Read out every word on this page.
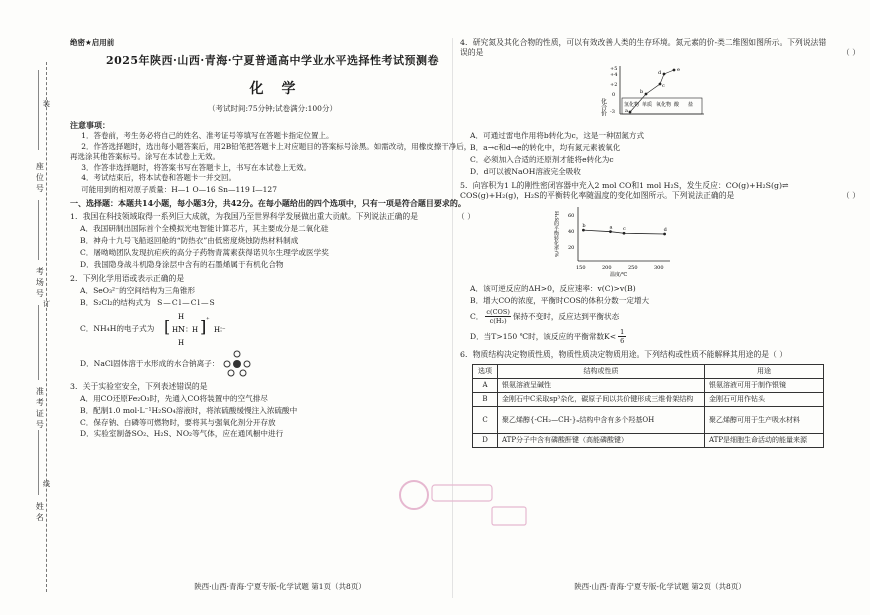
座位号
考场号
准考证号
姓名
装
订
线
绝密★启用前
2025年陕西·山西·青海·宁夏普通高中学业水平选择性考试预测卷
化学
（考试时间:75分钟;试卷满分:100分）
注意事项：
1．答卷前，考生务必将自己的姓名、准考证号等填写在答题卡指定位置上。
2．作答选择题时，选出每小题答案后，用2B铅笔把答题卡上对应题目的答案标号涂黑。如需改动，用橡皮擦干净后，再选涂其他答案标号。涂写在本试卷上无效。
3．作答非选择题时，将答案书写在答题卡上，书写在本试卷上无效。
4．考试结束后，将本试卷和答题卡一并交回。
可能用到的相对原子质量：H—1 O—16 Sn—119 I—127
一、选择题：本题共14小题，每小题3分，共42分。在每小题给出的四个选项中，只有一项是符合题目要求的。
1．我国在科技领域取得一系列巨大成就，为我国乃至世界科学发展做出重大贡献。下列说法正确的是	（ ）
A．我国研制出国际首个全模拟光电智能计算芯片，其主要成分是二氧化硅
B．神舟十九号飞船返回舱的“防热衣”由低密度烧蚀防热材料制成
C．屠呦呦团队发现抗疟疾的高分子药物青蒿素获得诺贝尔生理学或医学奖
D．我国隐身战斗机隐身涂层中含有的石墨烯属于有机化合物
2．下列化学用语或表示正确的是
A．SeO₃²⁻的空间结构为三角锥形
B．S₂Cl₂的结构式为 S—Cl—Cl—S
C．NH₄H的电子式为 [ H
H
H N ∶ H ] ⁺
H∶⁻
D．NaCl固体溶于水形成的水合钠离子：
3．关于实验室安全，下列表述错误的是
A．用CO还原Fe₂O₃时，先通入CO将装置中的空气排尽
B．配制1.0 mol·L⁻¹H₂SO₄溶液时，将浓硫酸缓慢注入浓硫酸中
C．保存钠、白磷等可燃物时，要将其与强氧化剂分开存放
D．实验室制备SO₂、H₂S、NO₂等气体，应在通风橱中进行
4．研究氮及其化合物的性质，可以有效改善人类的生存环境。氮元素的价-类二维图如图所示。下列说法错误的是	（ ）
化合价
+5
+4
+2
0
-3
氢化物 单质 氧化物 酸 盐
a
b
c
d	e
A．可通过雷电作用将b转化为c，这是一种固氮方式
B．a→c和d→e的转化中，均有氮元素被氧化
C．必须加入合适的还原剂才能将e转化为c
D．d可以被NaOH溶液完全吸收
5．向容积为1 L的刚性密闭容器中充入2 mol CO和1 mol H₂S，发生反应：CO(g)+H₂S(g)⇌
COS(g)+H₂(g)，H₂S的平衡转化率随温度的变化如图所示。下列说法正确的是	（ ）
H₂S的平衡转化率/% 60
40
20
150	200	250	300
温度/℃
b	a c	d
A．该可逆反应的ΔH>0，反应速率：v(C)>v(B)
B．增大CO的浓度，平衡时COS的体积分数一定增大
C． c(COS)
c(H₂)
保持不变时，反应达到平衡状态
D．当T>150 ℃时，该反应的平衡常数$K< \frac{1}{6}$
6．物质结构决定物质性质，物质性质决定物质用途。下列结构或性质不能解释其用途的是（ ）
选项	结构或性质	用途
A	银氨溶液呈碱性	银氨溶液可用于制作银镜
B	金刚石中C采取sp³杂化，碳原子间以共价键形成三维骨架结构	金刚石可用作钻头
C	聚乙烯醇{-CH₂—CH-}ₙ结构中含有多个羟基OH	聚乙烯醇可用于生产吸水材料
D	ATP分子中含有磷酸酐键（高能磷酸键）	ATP是细胞生命活动的能量来源
陕西·山西·青海·宁夏专版-化学试题 第1页（共8页）	陕西·山西·青海·宁夏专版-化学试题 第2页（共8页）
